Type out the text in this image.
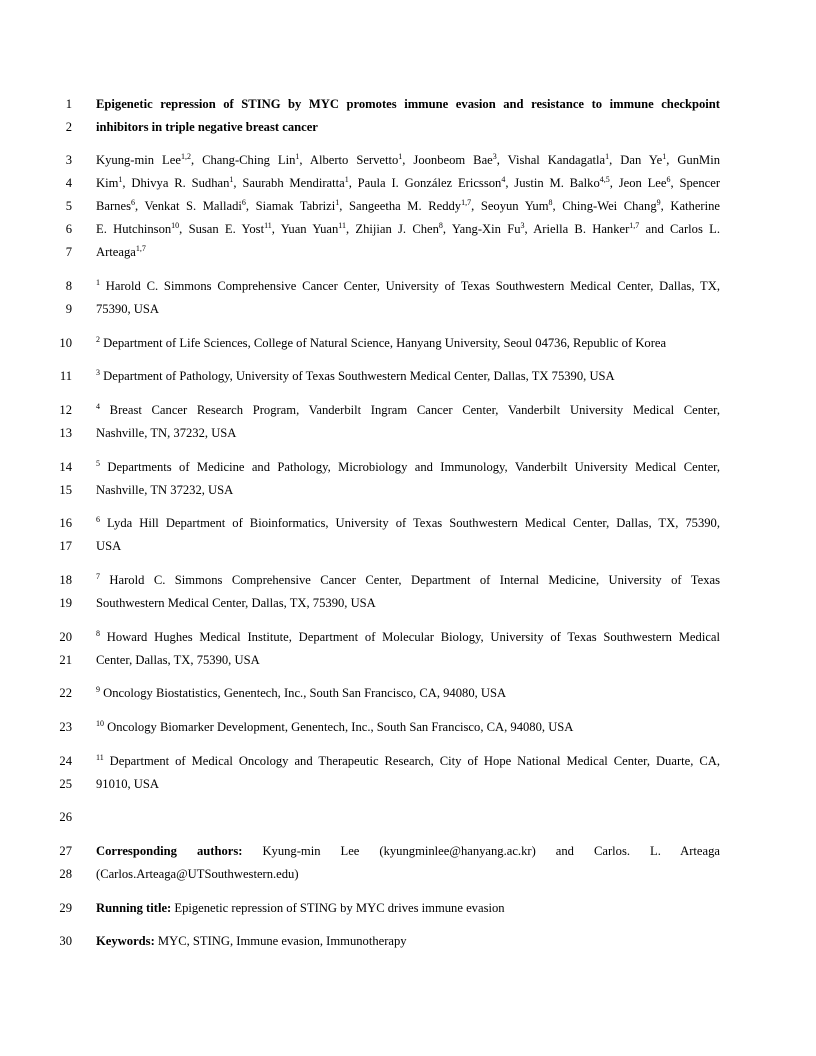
1 Epigenetic repression of STING by MYC promotes immune evasion and resistance to immune checkpoint
2 inhibitors in triple negative breast cancer
3 Kyung-min Lee$^{1,2}$, Chang-Ching Lin$^1$, Alberto Servetto$^1$, Joonbeom Bae$^3$, Vishal Kandagatla$^1$, Dan Ye$^1$, GunMin
4 Kim$^1$, Dhivya R. Sudhan$^1$, Saurabh Mendiratta$^1$, Paula I. González Ericsson$^4$, Justin M. Balko$^{4,5}$, Jeon Lee$^6$, Spencer
5 Barnes$^6$, Venkat S. Malladi$^6$, Siamak Tabrizi$^1$, Sangeetha M. Reddy$^{1,7}$, Seoyun Yum$^8$, Ching-Wei Chang$^9$, Katherine
6 E. Hutchinson$^{10}$, Susan E. Yost$^{11}$, Yuan Yuan$^{11}$, Zhijian J. Chen$^8$, Yang-Xin Fu$^3$, Ariella B. Hanker$^{1,7}$ and Carlos L.
7 Arteaga$^{1,7}$
8	$^1$ Harold C. Simmons Comprehensive Cancer Center, University of Texas Southwestern Medical Center, Dallas, TX,
9 75390, USA
10	$^2$ Department of Life Sciences, College of Natural Science, Hanyang University, Seoul 04736, Republic of Korea
11	$^3$ Department of Pathology, University of Texas Southwestern Medical Center, Dallas, TX 75390, USA
12	$^4$ Breast Cancer Research Program, Vanderbilt Ingram Cancer Center, Vanderbilt University Medical Center,
13 Nashville, TN, 37232, USA
14	$^5$ Departments of Medicine and Pathology, Microbiology and Immunology, Vanderbilt University Medical Center,
15 Nashville, TN 37232, USA
16	$^6$ Lyda Hill Department of Bioinformatics, University of Texas Southwestern Medical Center, Dallas, TX, 75390,
17 USA
18	$^7$ Harold C. Simmons Comprehensive Cancer Center, Department of Internal Medicine, University of Texas
19 Southwestern Medical Center, Dallas, TX, 75390, USA
20	$^8$ Howard Hughes Medical Institute, Department of Molecular Biology, University of Texas Southwestern Medical
21 Center, Dallas, TX, 75390, USA
22	$^9$ Oncology Biostatistics, Genentech, Inc., South San Francisco, CA, 94080, USA
23	$^{10}$ Oncology Biomarker Development, Genentech, Inc., South San Francisco, CA, 94080, USA
24	$^{11}$ Department of Medical Oncology and Therapeutic Research, City of Hope National Medical Center, Duarte, CA,
25 91010, USA
26
27 Corresponding authors: Kyung-min Lee (kyungminlee@hanyang.ac.kr) and Carlos. L. Arteaga
28 (Carlos.Arteaga@UTSouthwestern.edu)
29 Running title: Epigenetic repression of STING by MYC drives immune evasion
30 Keywords: MYC, STING, Immune evasion, Immunotherapy
